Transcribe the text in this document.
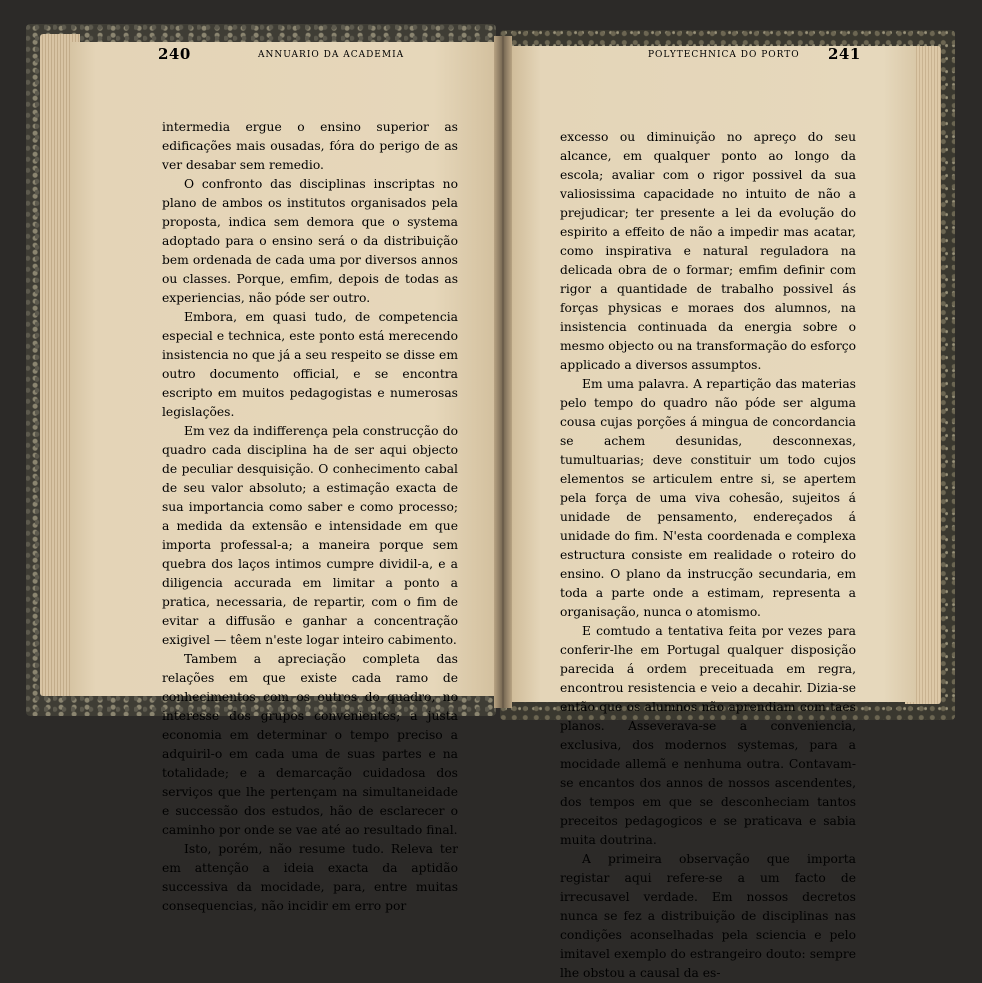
240	ANNUARIO DA ACADEMIA	241
POLYTECHNICA DO PORTO

intermedia ergue o ensino superior as edificações mais ousadas, fóra do perigo de as ver desabar sem remedio.

O confronto das disciplinas inscriptas no plano de ambos os institutos organisados pela proposta, indica sem demora que o systema adoptado para o ensino será o da distribuição bem ordenada de cada uma por diversos annos ou classes. Porque, emfim, depois de todas as experiencias, não póde ser outro.

Embora, em quasi tudo, de competencia especial e technica, este ponto está merecendo insistencia no que já a seu respeito se disse em outro documento official, e se encontra escripto em muitos pedagogistas e numerosas legislações.

Em vez da indifferença pela construcção do quadro cada disciplina ha de ser aqui objecto de peculiar desquisição. O conhecimento cabal de seu valor absoluto; a estimação exacta de sua importancia como saber e como processo; a medida da extensão e intensidade em que importa professal-a; a maneira porque sem quebra dos laços intimos cumpre dividil-a, e a diligencia accurada em limitar a ponto a pratica, necessaria, de repartir, com o fim de evitar a diffusão e ganhar a concentração exigivel — têem n'este logar inteiro cabimento.

Tambem a apreciação completa das relações em que existe cada ramo de conhecimentos com os outros do quadro, no interesse dos grupos convenientes; a justa economia em determinar o tempo preciso a adquiril-o em cada uma de suas partes e na totalidade; e a demarcação cuidadosa dos serviços que lhe pertençam na simultaneidade e successão dos estudos, hão de esclarecer o caminho por onde se vae até ao resultado final.

Isto, porém, não resume tudo. Releva ter em attenção a ideia exacta da aptidão successiva da mocidade, para, entre muitas consequencias, não incidir em erro por

excesso ou diminuição no apreço do seu alcance, em qualquer ponto ao longo da escola; avaliar com o rigor possivel da sua valiosissima capacidade no intuito de não a prejudicar; ter presente a lei da evolução do espirito a effeito de não a impedir mas acatar, como inspirativa e natural reguladora na delicada obra de o formar; emfim definir com rigor a quantidade de trabalho possivel ás forças physicas e moraes dos alumnos, na insistencia continuada da energia sobre o mesmo objecto ou na transformação do esforço applicado a diversos assumptos.

Em uma palavra. A repartição das materias pelo tempo do quadro não póde ser alguma cousa cujas porções á mingua de concordancia se achem desunidas, desconnexas, tumultuarias; deve constituir um todo cujos elementos se articulem entre si, se apertem pela força de uma viva cohesão, sujeitos á unidade de pensamento, endereçados á unidade do fim. N'esta coordenada e complexa estructura consiste em realidade o roteiro do ensino. O plano da instrucção secundaria, em toda a parte onde a estimam, representa a organisação, nunca o atomismo.

E comtudo a tentativa feita por vezes para conferir-lhe em Portugal qualquer disposição parecida á ordem preceituada em regra, encontrou resistencia e veio a decahir. Dizia-se então que os alumnos não aprendiam com taes planos. Asseverava-se a conveniencia, exclusiva, dos modernos systemas, para a mocidade allemã e nenhuma outra. Contavam-se encantos dos annos de nossos ascendentes, dos tempos em que se desconheciam tantos preceitos pedagogicos e se praticava e sabia muita doutrina.

A primeira observação que importa registar aqui refere-se a um facto de irrecusavel verdade. Em nossos decretos nunca se fez a distribuição de disciplinas nas condições aconselhadas pela sciencia e pelo imitavel exemplo do estrangeiro douto: sempre lhe obstou a causal da es-
